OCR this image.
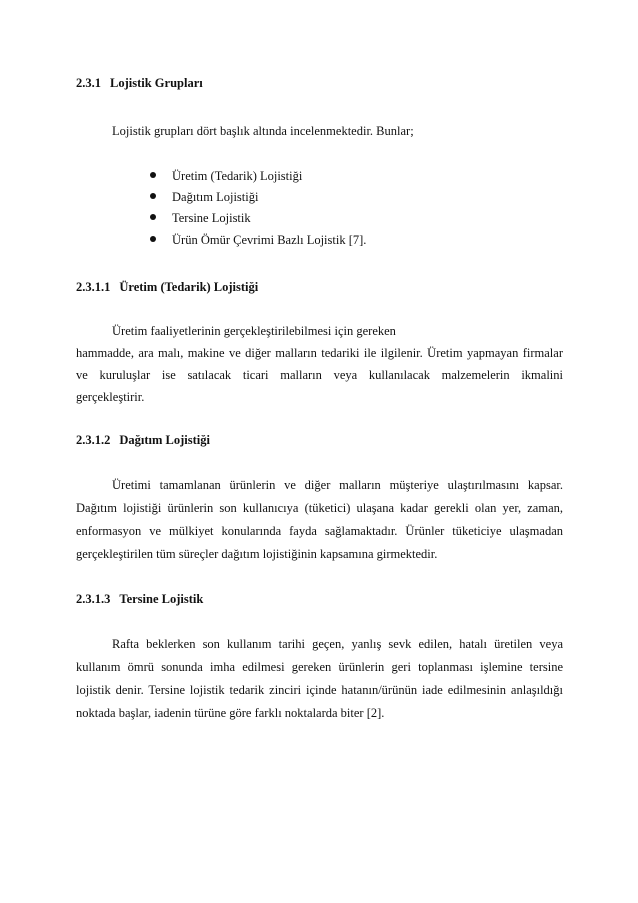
2.3.1 Lojistik Grupları
Lojistik grupları dört başlık altında incelenmektedir. Bunlar;
Üretim (Tedarik) Lojistiği
Dağıtım Lojistiği
Tersine Lojistik
Ürün Ömür Çevrimi Bazlı Lojistik [7].
2.3.1.1 Üretim (Tedarik) Lojistiği
Üretim faaliyetlerinin gerçekleştirilebilmesi için gereken
hammadde, ara malı, makine ve diğer malların tedariki ile ilgilenir. Üretim yapmayan firmalar
ve kuruluşlar ise satılacak ticari malların veya kullanılacak malzemelerin ikmalini
gerçekleştirir.
2.3.1.2 Dağıtım Lojistiği
Üretimi tamamlanan ürünlerin ve diğer malların müşteriye ulaştırılmasını kapsar.
Dağıtım lojistiği ürünlerin son kullanıcıya (tüketici) ulaşana kadar gerekli olan yer, zaman,
enformasyon ve mülkiyet konularında fayda sağlamaktadır. Ürünler tüketiciye ulaşmadan
gerçekleştirilen tüm süreçler dağıtım lojistiğinin kapsamına girmektedir.
2.3.1.3 Tersine Lojistik
Rafta beklerken son kullanım tarihi geçen, yanlış sevk edilen, hatalı üretilen veya
kullanım ömrü sonunda imha edilmesi gereken ürünlerin geri toplanması işlemine tersine
lojistik denir. Tersine lojistik tedarik zinciri içinde hatanın/ürünün iade edilmesinin anlaşıldığı
noktada başlar, iadenin türüne göre farklı noktalarda biter [2].
